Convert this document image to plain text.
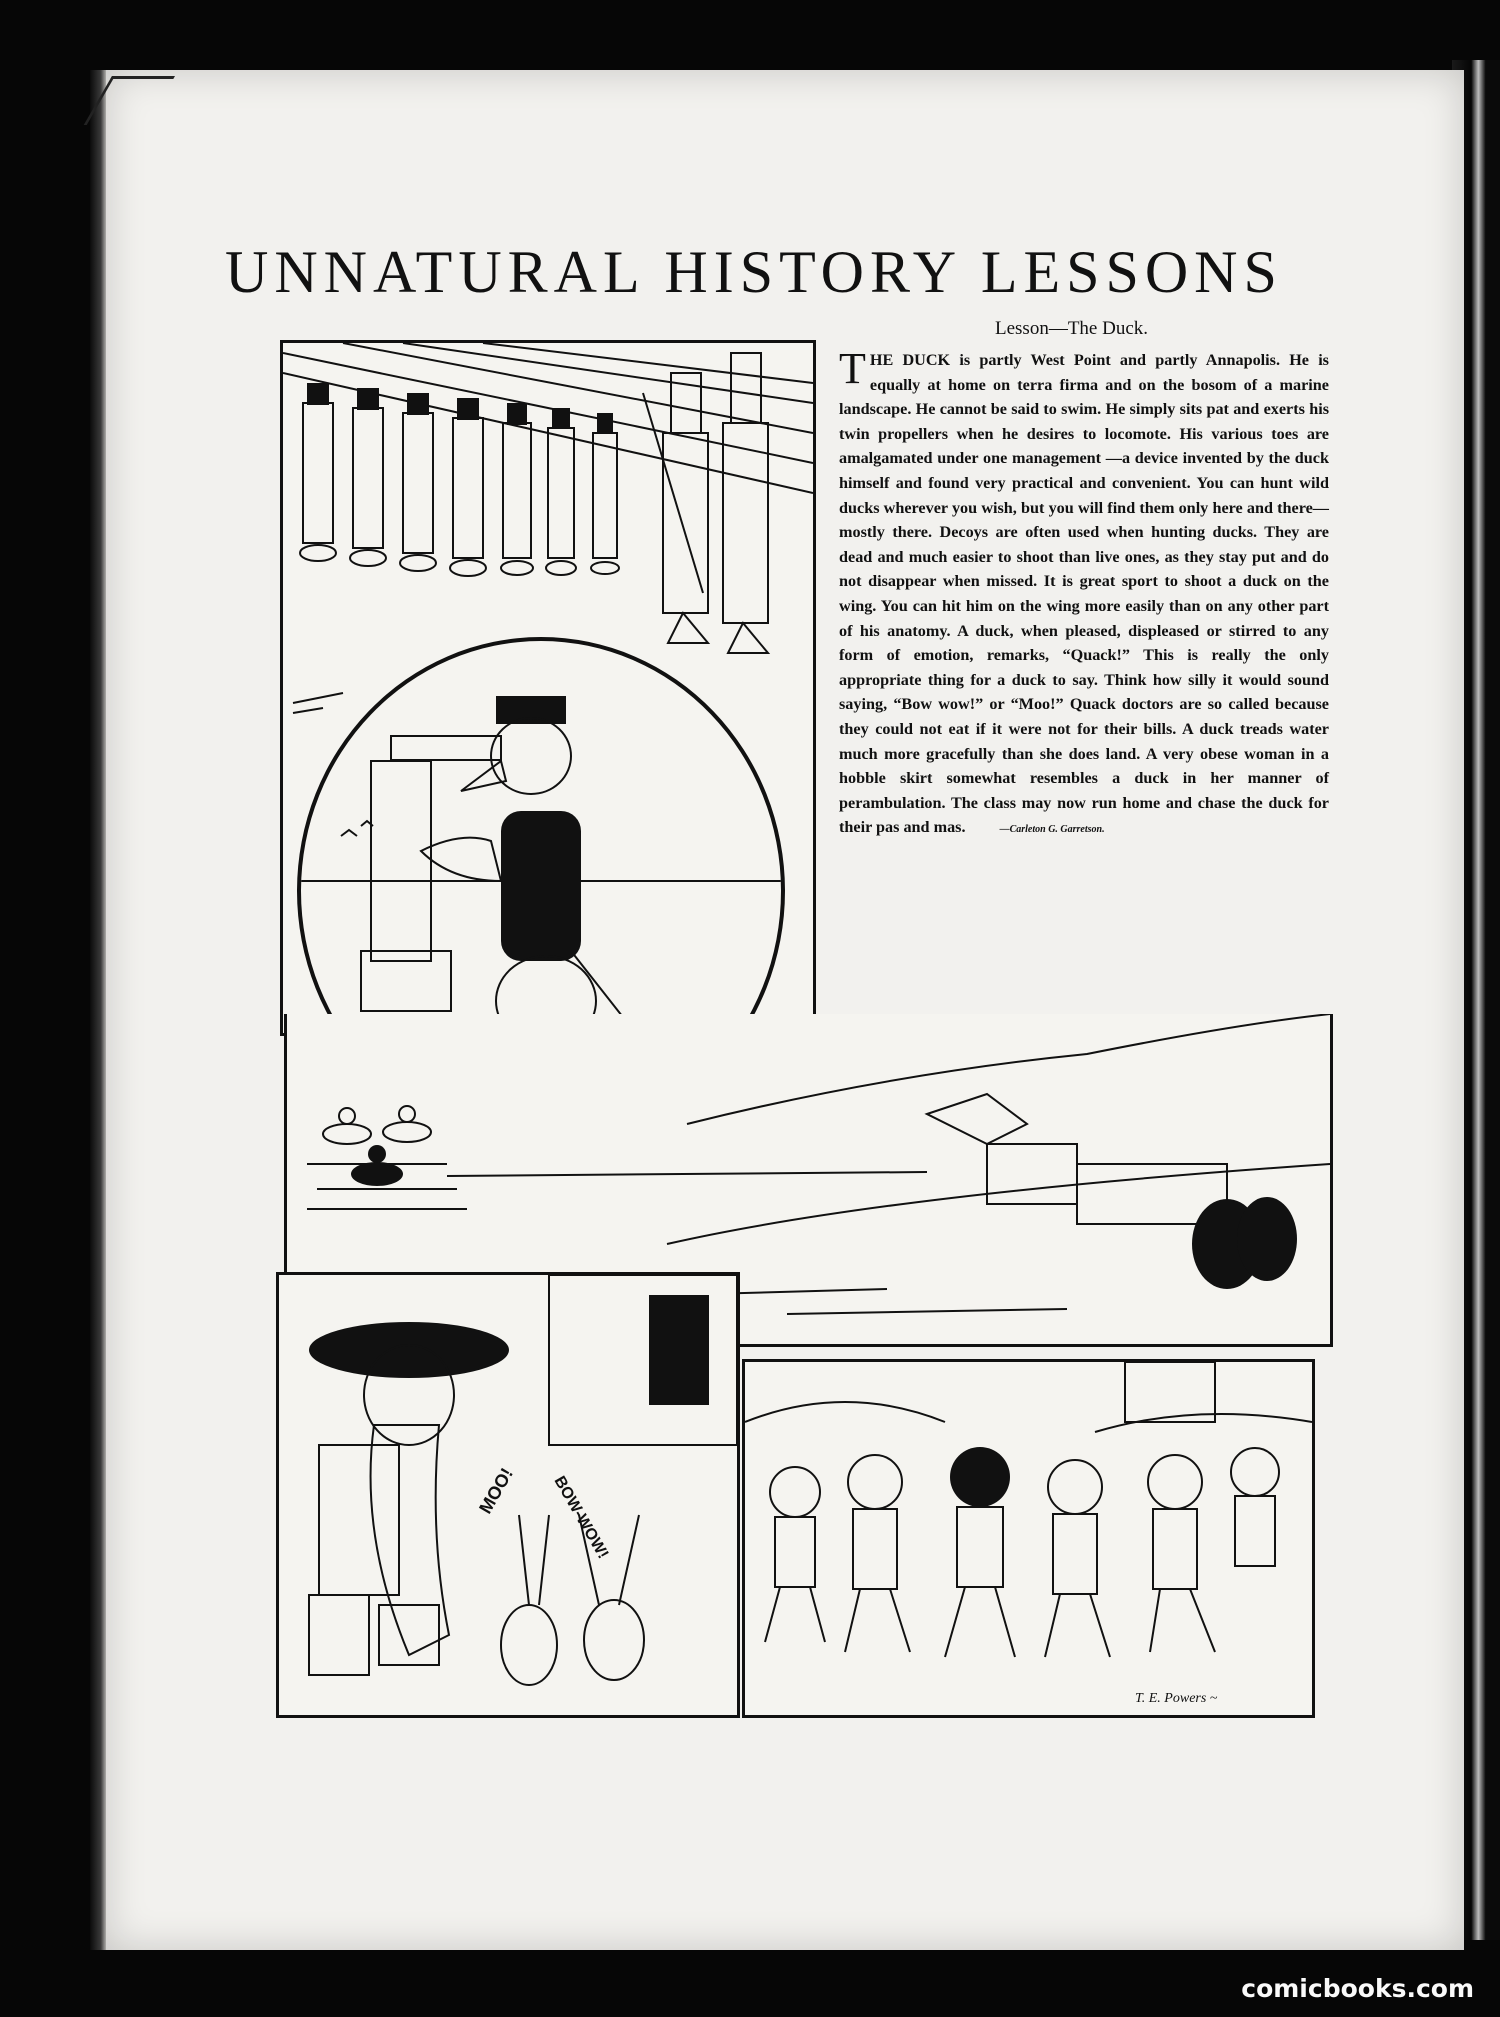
UNNATURAL HISTORY LESSONS
Lesson—The Duck.
THE DUCK is partly West Point and partly Annapolis. He is equally at home on terra firma and on the bosom of a marine landscape. He cannot be said to swim. He simply sits pat and exerts his twin propellers when he desires to locomote. His various toes are amalgamated under one management —a device invented by the duck himself and found very practical and convenient. You can hunt wild ducks wherever you wish, but you will find them only here and there—mostly there. Decoys are often used when hunting ducks. They are dead and much easier to shoot than live ones, as they stay put and do not disappear when missed. It is great sport to shoot a duck on the wing. You can hit him on the wing more easily than on any other part of his anatomy. A duck, when pleased, displeased or stirred to any form of emotion, remarks, “Quack!” This is really the only appropriate thing for a duck to say. Think how silly it would sound saying, “Bow wow!” or “Moo!” Quack doctors are so called because they could not eat if it were not for their bills. A duck treads water much more gracefully than she does land. A very obese woman in a hobble skirt somewhat resembles a duck in her manner of perambulation. The class may now run home and chase the duck for their pas and mas.	—Carleton G. Garretson.
MOO! BOW-WOW!
T. E. Powers ~
comicbooks.com
